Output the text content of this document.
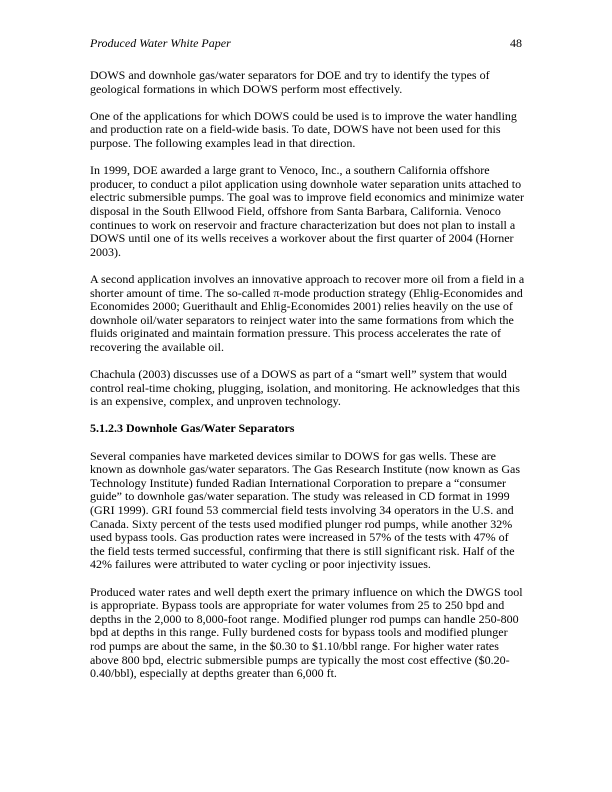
Produced Water White Paper	48

DOWS and downhole gas/water separators for DOE and try to identify the types of geological formations in which DOWS perform most effectively.

One of the applications for which DOWS could be used is to improve the water handling and production rate on a field-wide basis. To date, DOWS have not been used for this purpose. The following examples lead in that direction.

In 1999, DOE awarded a large grant to Venoco, Inc., a southern California offshore producer, to conduct a pilot application using downhole water separation units attached to electric submersible pumps. The goal was to improve field economics and minimize water disposal in the South Ellwood Field, offshore from Santa Barbara, California. Venoco continues to work on reservoir and fracture characterization but does not plan to install a DOWS until one of its wells receives a workover about the first quarter of 2004 (Horner 2003).

A second application involves an innovative approach to recover more oil from a field in a shorter amount of time. The so-called π-mode production strategy (Ehlig-Economides and Economides 2000; Guerithault and Ehlig-Economides 2001) relies heavily on the use of downhole oil/water separators to reinject water into the same formations from which the fluids originated and maintain formation pressure. This process accelerates the rate of recovering the available oil.

Chachula (2003) discusses use of a DOWS as part of a “smart well” system that would control real-time choking, plugging, isolation, and monitoring. He acknowledges that this is an expensive, complex, and unproven technology.

5.1.2.3 Downhole Gas/Water Separators

Several companies have marketed devices similar to DOWS for gas wells. These are known as downhole gas/water separators. The Gas Research Institute (now known as Gas Technology Institute) funded Radian International Corporation to prepare a “consumer guide” to downhole gas/water separation. The study was released in CD format in 1999 (GRI 1999). GRI found 53 commercial field tests involving 34 operators in the U.S. and Canada. Sixty percent of the tests used modified plunger rod pumps, while another 32% used bypass tools. Gas production rates were increased in 57% of the tests with 47% of the field tests termed successful, confirming that there is still significant risk. Half of the 42% failures were attributed to water cycling or poor injectivity issues.

Produced water rates and well depth exert the primary influence on which the DWGS tool is appropriate. Bypass tools are appropriate for water volumes from 25 to 250 bpd and depths in the 2,000 to 8,000-foot range. Modified plunger rod pumps can handle 250-800 bpd at depths in this range. Fully burdened costs for bypass tools and modified plunger rod pumps are about the same, in the $0.30 to $1.10/bbl range. For higher water rates above 800 bpd, electric submersible pumps are typically the most cost effective ($0.20-0.40/bbl), especially at depths greater than 6,000 ft.
